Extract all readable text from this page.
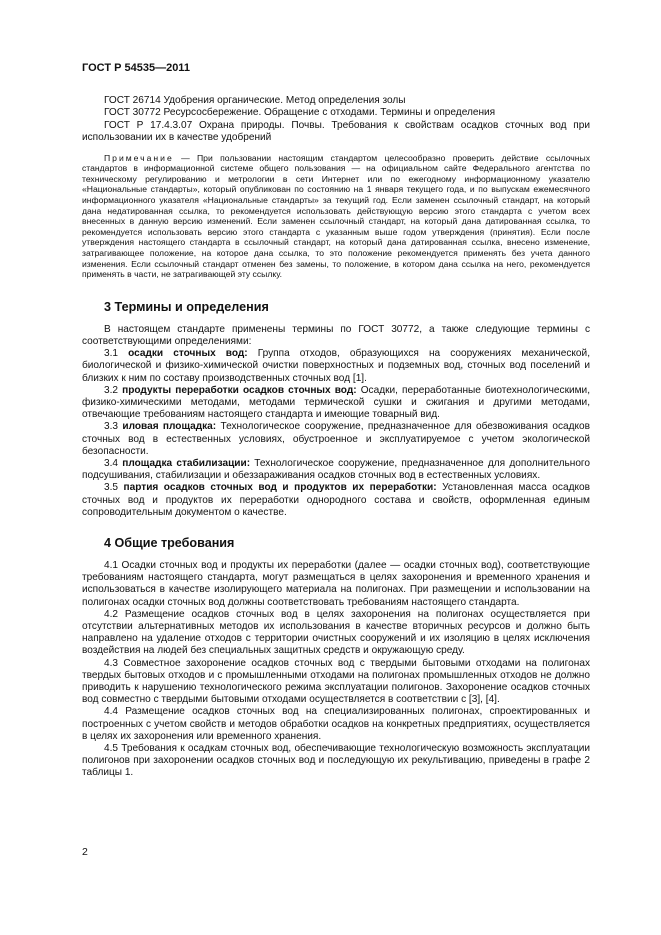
ГОСТ Р 54535—2011

ГОСТ 26714 Удобрения органические. Метод определения золы

ГОСТ 30772 Ресурсосбережение. Обращение с отходами. Термины и определения

ГОСТ Р 17.4.3.07 Охрана природы. Почвы. Требования к свойствам осадков сточных вод при использовании их в качестве удобрений

Примечание — При пользовании настоящим стандартом целесообразно проверить действие ссылочных стандартов в информационной системе общего пользования — на официальном сайте Федерального агентства по техническому регулированию и метрологии в сети Интернет или по ежегодному информационному указателю «Национальные стандарты», который опубликован по состоянию на 1 января текущего года, и по выпускам ежемесячного информационного указателя «Национальные стандарты» за текущий год. Если заменен ссылочный стандарт, на который дана недатированная ссылка, то рекомендуется использовать действующую версию этого стандарта с учетом всех внесенных в данную версию изменений. Если заменен ссылочный стандарт, на который дана датированная ссылка, то рекомендуется использовать версию этого стандарта с указанным выше годом утверждения (принятия). Если после утверждения настоящего стандарта в ссылочный стандарт, на который дана датированная ссылка, внесено изменение, затрагивающее положение, на которое дана ссылка, то это положение рекомендуется применять без учета данного изменения. Если ссылочный стандарт отменен без замены, то положение, в котором дана ссылка на него, рекомендуется применять в части, не затрагивающей эту ссылку.

3 Термины и определения

В настоящем стандарте применены термины по ГОСТ 30772, а также следующие термины с соответствующими определениями:

3.1 осадки сточных вод: Группа отходов, образующихся на сооружениях механической, биологической и физико-химической очистки поверхностных и подземных вод, сточных вод поселений и близких к ним по составу производственных сточных вод [1].

3.2 продукты переработки осадков сточных вод: Осадки, переработанные биотехнологическими, физико-химическими методами, методами термической сушки и сжигания и другими методами, отвечающие требованиям настоящего стандарта и имеющие товарный вид.

3.3 иловая площадка: Технологическое сооружение, предназначенное для обезвоживания осадков сточных вод в естественных условиях, обустроенное и эксплуатируемое с учетом экологической безопасности.

3.4 площадка стабилизации: Технологическое сооружение, предназначенное для дополнительного подсушивания, стабилизации и обеззараживания осадков сточных вод в естественных условиях.

3.5 партия осадков сточных вод и продуктов их переработки: Установленная масса осадков сточных вод и продуктов их переработки однородного состава и свойств, оформленная единым сопроводительным документом о качестве.

4 Общие требования

4.1 Осадки сточных вод и продукты их переработки (далее — осадки сточных вод), соответствующие требованиям настоящего стандарта, могут размещаться в целях захоронения и временного хранения и использоваться в качестве изолирующего материала на полигонах. При размещении и использовании на полигонах осадки сточных вод должны соответствовать требованиям настоящего стандарта.

4.2 Размещение осадков сточных вод в целях захоронения на полигонах осуществляется при отсутствии альтернативных методов их использования в качестве вторичных ресурсов и должно быть направлено на удаление отходов с территории очистных сооружений и их изоляцию в целях исключения воздействия на людей без специальных защитных средств и окружающую среду.

4.3 Совместное захоронение осадков сточных вод с твердыми бытовыми отходами на полигонах твердых бытовых отходов и с промышленными отходами на полигонах промышленных отходов не должно приводить к нарушению технологического режима эксплуатации полигонов. Захоронение осадков сточных вод совместно с твердыми бытовыми отходами осуществляется в соответствии с [3], [4].

4.4 Размещение осадков сточных вод на специализированных полигонах, спроектированных и построенных с учетом свойств и методов обработки осадков на конкретных предприятиях, осуществляется в целях их захоронения или временного хранения.

4.5 Требования к осадкам сточных вод, обеспечивающие технологическую возможность эксплуатации полигонов при захоронении осадков сточных вод и последующую их рекультивацию, приведены в графе 2 таблицы 1.

2
